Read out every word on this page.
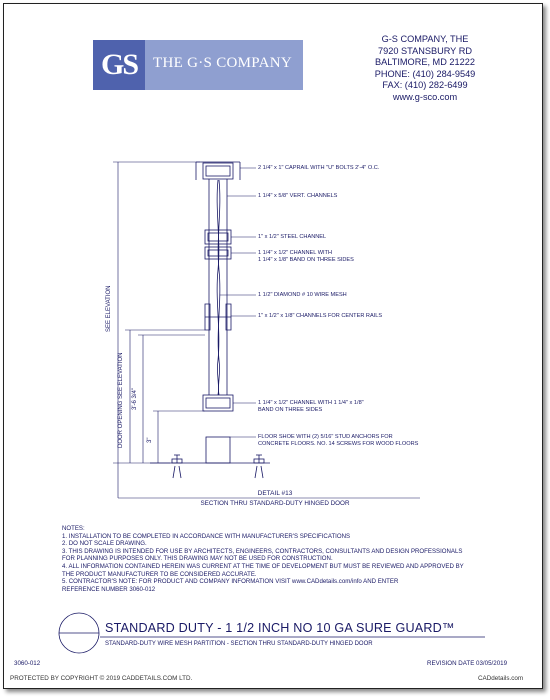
GS	THE G·S COMPANY
G-S COMPANY, THE
7920 STANSBURY RD
BALTIMORE, MD 21222
PHONE: (410) 284-9549
FAX: (410) 282-6499
www.g-sco.com
2 1/4" x 1" CAPRAIL WITH "U" BOLTS 2'-4" O.C.
1 1/4" x 5/8" VERT. CHANNELS
1" x 1/2" STEEL CHANNEL
1 1/4" x 1/2" CHANNEL WITH
1 1/4" x 1/8" BAND ON THREE SIDES
1 1/2" DIAMOND # 10 WIRE MESH
1" x 1/2" x 1/8" CHANNELS FOR CENTER RAILS
1 1/4" x 1/2" CHANNEL WITH 1 1/4" x 1/8"
BAND ON THREE SIDES
FLOOR SHOE WITH (2) 5/16" STUD ANCHORS FOR
CONCRETE FLOORS. NO. 14 SCREWS FOR WOOD FLOORS
SEE ELEVATION
DOOR OPENING SEE ELEVATION 3'-6 3/4"
3"
DETAIL #13
SECTION THRU STANDARD-DUTY HINGED DOOR
NOTES:
1. INSTALLATION TO BE COMPLETED IN ACCORDANCE WITH MANUFACTURER'S SPECIFICATIONS
2. DO NOT SCALE DRAWING.
3. THIS DRAWING IS INTENDED FOR USE BY ARCHITECTS, ENGINEERS, CONTRACTORS, CONSULTANTS AND DESIGN PROFESSIONALS
FOR PLANNING PURPOSES ONLY. THIS DRAWING MAY NOT BE USED FOR CONSTRUCTION.
4. ALL INFORMATION CONTAINED HEREIN WAS CURRENT AT THE TIME OF DEVELOPMENT BUT MUST BE REVIEWED AND APPROVED BY
THE PRODUCT MANUFACTURER TO BE CONSIDERED ACCURATE.
5. CONTRACTOR'S NOTE: FOR PRODUCT AND COMPANY INFORMATION VISIT www.CADdetails.com/info AND ENTER
REFERENCE NUMBER 3060-012
STANDARD DUTY - 1 1/2 INCH NO 10 GA SURE GUARD™
STANDARD-DUTY WIRE MESH PARTITION - SECTION THRU STANDARD-DUTY HINGED DOOR
3060-012	REVISION DATE 03/05/2019
PROTECTED BY COPYRIGHT © 2019 CADDETAILS.COM LTD.	CADdetails.com
